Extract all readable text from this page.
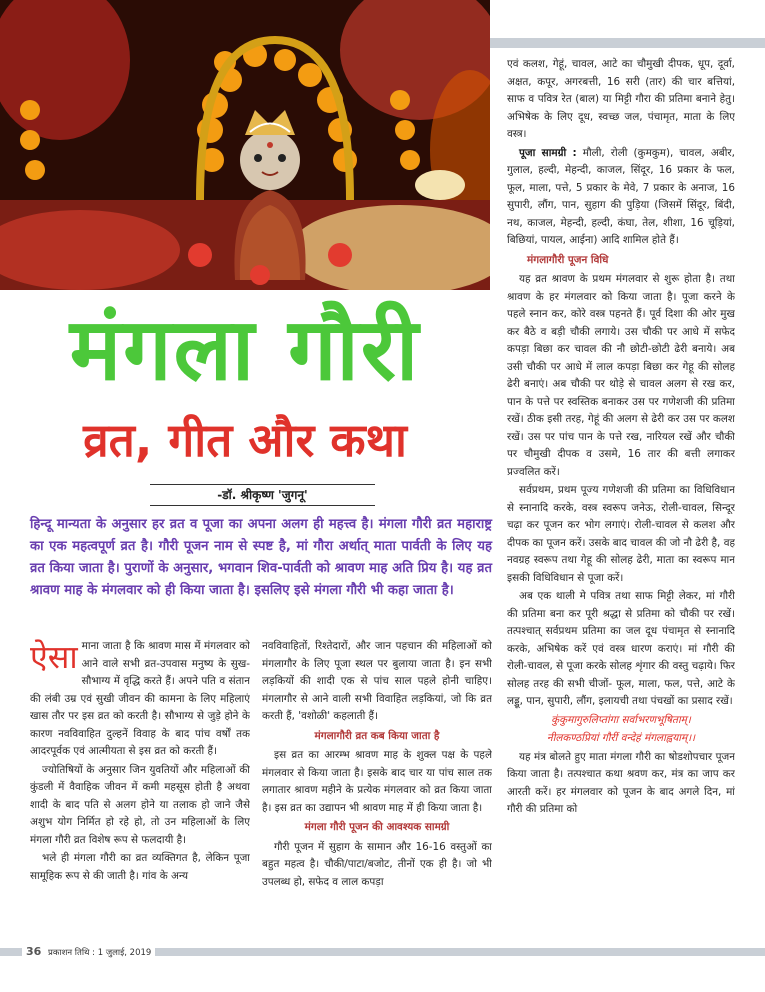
मंगला गौरी
व्रत, गीत और कथा
-डॉ. श्रीकृष्ण 'जुगनू'
हिन्दू मान्यता के अनुसार हर व्रत व पूजा का अपना अलग ही महत्त्व है। मंगला गौरी व्रत महाराष्ट्र का एक महत्वपूर्ण व्रत है। गौरी पूजन नाम से स्पष्ट है, मां गौरा अर्थात् माता पार्वती के लिए यह व्रत किया जाता है। पुराणों के अनुसार, भगवान शिव-पार्वती को श्रावण माह अति प्रिय है। यह व्रत श्रावण माह के मंगलवार को ही किया जाता है। इसलिए इसे मंगला गौरी भी कहा जाता है।

ऐसा माना जाता है कि श्रावण मास में मंगलवार को आने वाले सभी व्रत-उपवास मनुष्य के सुख-सौभाग्य में वृद्धि करते हैं। अपने पति व संतान की लंबी उम्र एवं सुखी जीवन की कामना के लिए महिलाएं खास तौर पर इस व्रत को करती है। सौभाग्य से जुड़े होने के कारण नवविवाहित दुल्हनें विवाह के बाद पांच वर्षों तक आदरपूर्वक एवं आत्मीयता से इस व्रत को करती हैं।

ज्योतिषियों के अनुसार जिन युवतियों और महिलाओं की कुंडली में वैवाहिक जीवन में कमी महसूस होती है अथवा शादी के बाद पति से अलग होने या तलाक हो जाने जैसे अशुभ योग निर्मित हो रहे हो, तो उन महिलाओं के लिए मंगला गौरी व्रत विशेष रूप से फलदायी है।

भले ही मंगला गौरी का व्रत व्यक्तिगत है, लेकिन पूजा सामूहिक रूप से की जाती है। गांव के अन्य

नवविवाहितों, रिश्तेदारों, और जान पहचान की महिलाओं को मंगलागौर के लिए पूजा स्थल पर बुलाया जाता है। इन सभी लड़कियों की शादी एक से पांच साल पहले होनी चाहिए। मंगलागौर से आने वाली सभी विवाहित लड़कियां, जो कि व्रत करती हैं, 'वशोळी' कहलाती हैं।

मंगलागौरी व्रत कब किया जाता है

इस व्रत का आरम्भ श्रावण माह के शुक्ल पक्ष के पहले मंगलवार से किया जाता है। इसके बाद चार या पांच साल तक लगातार श्रावण महीने के प्रत्येक मंगलवार को व्रत किया जाता है। इस व्रत का उद्यापन भी श्रावण माह में ही किया जाता है।

मंगला गौरी पूजन की आवश्यक सामग्री

गौरी पूजन में सुहाग के सामान और 16-16 वस्तुओं का बहुत महत्व है। चौकी/पाटा/बजोट, तीनों एक ही है। जो भी उपलब्ध हो, सफेद व लाल कपड़ा

एवं कलश, गेहूं, चावल, आटे का चौमुखी दीपक, धूप, दूर्वा, अक्षत, कपूर, अगरबत्ती, 16 सरी (तार) की चार बत्तियां, साफ व पवित्र रेत (बाल) या मिट्टी गौरा की प्रतिमा बनाने हेतु। अभिषेक के लिए दूध, स्वच्छ जल, पंचामृत, माता के लिए वस्त्र।

पूजा सामग्री : मौली, रोली (कुमकुम), चावल, अबीर, गुलाल, हल्दी, मेहन्दी, काजल, सिंदूर, 16 प्रकार के फल, फूल, माला, पत्ते, 5 प्रकार के मेवे, 7 प्रकार के अनाज, 16 सुपारी, लौंग, पान, सुहाग की पुड़िया (जिसमें सिंदूर, बिंदी, नथ, काजल, मेहन्दी, हल्दी, कंघा, तेल, शीशा, 16 चूड़ियां, बिछियां, पायल, आईना) आदि शामिल होते हैं।

मंगलागौरी पूजन विधि

यह व्रत श्रावण के प्रथम मंगलवार से शुरू होता है। तथा श्रावण के हर मंगलवार को किया जाता है। पूजा करने के पहले स्नान कर, कोरे वस्त्र पहनते हैं। पूर्व दिशा की ओर मुख कर बैठे व बड़ी चौकी लगाये। उस चौकी पर आधे में सफेद कपड़ा बिछा कर चावल की नौ छोटी-छोटी ढेरी बनाये। अब उसी चौकी पर आधे में लाल कपड़ा बिछा कर गेहू की सोलह ढेरी बनाएं। अब चौकी पर थोड़े से चावल अलग से रख कर, पान के पत्ते पर स्वस्तिक बनाकर उस पर गणेशजी की प्रतिमा रखें। ठीक इसी तरह, गेहूं की अलग से ढेरी कर उस पर कलश रखें। उस पर पांच पान के पत्ते रख, नारियल रखें और चौकी पर चौमुखी दीपक व उसमे, 16 तार की बत्ती लगाकर प्रज्वलित करें।

सर्वप्रथम, प्रथम पूज्य गणेशजी की प्रतिमा का विधिविधान से स्नानादि करके, वस्त्र स्वरूप जनेऊ, रोली-चावल, सिन्दूर चढ़ा कर पूजन कर भोग लगाएं। रोली-चावल से कलश और दीपक का पूजन करें। उसके बाद चावल की जो नौ ढेरी है, वह नवग्रह स्वरूप तथा गेहू की सोलह ढेरी, माता का स्वरूप मान इसकी विधिविधान से पूजा करें।

अब एक थाली मे पवित्र तथा साफ मिट्टी लेकर, मां गौरी की प्रतिमा बना कर पूरी श्रद्धा से प्रतिमा को चौकी पर रखें। तत्पश्चात् सर्वप्रथम प्रतिमा का जल दूध पंचामृत से स्नानादि करके, अभिषेक करें एवं वस्त्र धारण कराएं। मां गौरी की रोली-चावल, से पूजा करके सोलह शृंगार की वस्तु चढ़ाये। फिर सोलह तरह की सभी चीजों- फूल, माला, फल, पत्ते, आटे के लड्डू, पान, सुपारी, लौंग, इलायची तथा पंचखों का प्रसाद रखें।

कुंकुमागुरुलिप्तांगा सर्वाभरणभूषिताम्।

नीलकण्ठप्रियां गौरीं वन्देहं मंगलाह्वयाम्।।

यह मंत्र बोलते हुए माता मंगला गौरी का षोडशोपचार पूजन किया जाता है। तत्पश्चात कथा श्रवण कर, मंत्र का जाप कर आरती करें। हर मंगलवार को पूजन के बाद अगले दिन, मां गौरी की प्रतिमा को

36 प्रकाशन तिथि : 1 जुलाई, 2019
